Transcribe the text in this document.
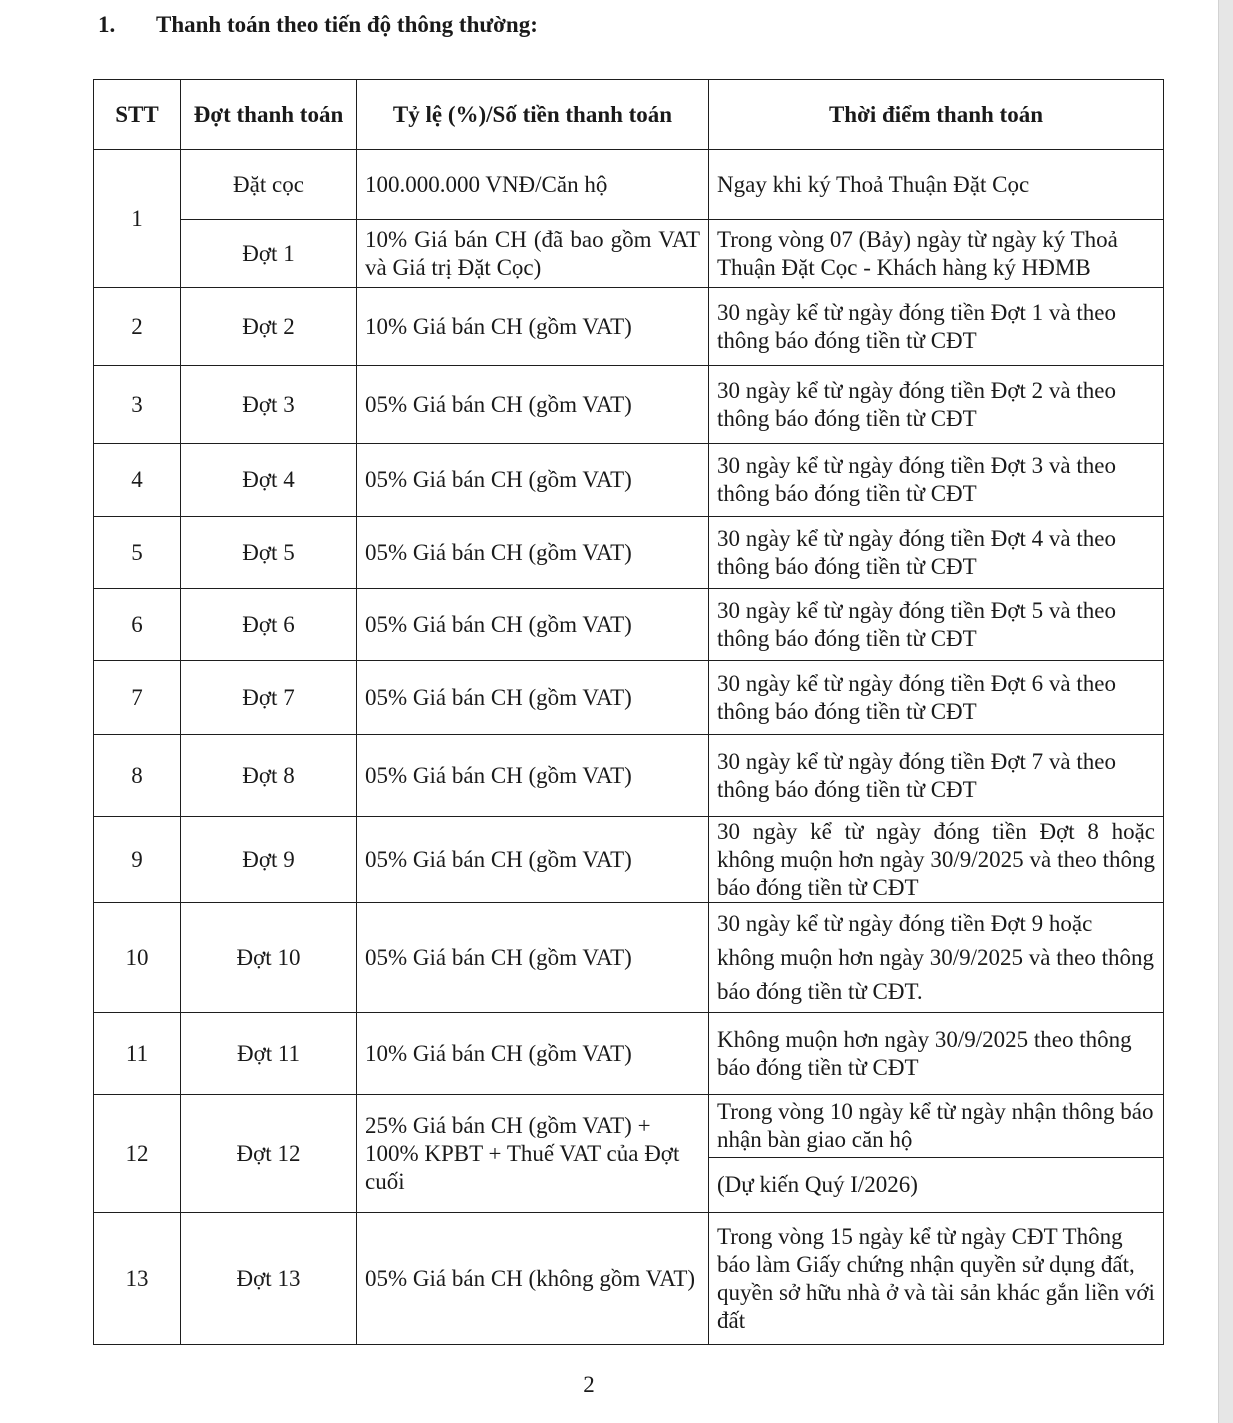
1. Thanh toán theo tiến độ thông thường:
STT	Đợt thanh toán	Tỷ lệ (%)/Số tiền thanh toán	Thời điểm thanh toán
1	Đặt cọc	100.000.000 VNĐ/Căn hộ	Ngay khi ký Thoả Thuận Đặt Cọc
	Đợt 1	10% Giá bán CH (đã bao gồm VAT và Giá trị Đặt Cọc)	Trong vòng 07 (Bảy) ngày từ ngày ký Thoả Thuận Đặt Cọc - Khách hàng ký HĐMB
2	Đợt 2	10% Giá bán CH (gồm VAT)	30 ngày kể từ ngày đóng tiền Đợt 1 và theo thông báo đóng tiền từ CĐT
3	Đợt 3	05% Giá bán CH (gồm VAT)	30 ngày kể từ ngày đóng tiền Đợt 2 và theo thông báo đóng tiền từ CĐT
4	Đợt 4	05% Giá bán CH (gồm VAT)	30 ngày kể từ ngày đóng tiền Đợt 3 và theo thông báo đóng tiền từ CĐT
5	Đợt 5	05% Giá bán CH (gồm VAT)	30 ngày kể từ ngày đóng tiền Đợt 4 và theo thông báo đóng tiền từ CĐT
6	Đợt 6	05% Giá bán CH (gồm VAT)	30 ngày kể từ ngày đóng tiền Đợt 5 và theo thông báo đóng tiền từ CĐT
7	Đợt 7	05% Giá bán CH (gồm VAT)	30 ngày kể từ ngày đóng tiền Đợt 6 và theo thông báo đóng tiền từ CĐT
8	Đợt 8	05% Giá bán CH (gồm VAT)	30 ngày kể từ ngày đóng tiền Đợt 7 và theo thông báo đóng tiền từ CĐT
9	Đợt 9	05% Giá bán CH (gồm VAT)	30 ngày kể từ ngày đóng tiền Đợt 8 hoặc không muộn hơn ngày 30/9/2025 và theo thông báo đóng tiền từ CĐT
10	Đợt 10	05% Giá bán CH (gồm VAT)	30 ngày kể từ ngày đóng tiền Đợt 9 hoặc không muộn hơn ngày 30/9/2025 và theo thông báo đóng tiền từ CĐT.
11	Đợt 11	10% Giá bán CH (gồm VAT)	Không muộn hơn ngày 30/9/2025 theo thông báo đóng tiền từ CĐT
12	Đợt 12	25% Giá bán CH (gồm VAT) + 100% KPBT + Thuế VAT của Đợt cuối	Trong vòng 10 ngày kể từ ngày nhận thông báo nhận bàn giao căn hộ
			(Dự kiến Quý I/2026)
13	Đợt 13	05% Giá bán CH (không gồm VAT)	Trong vòng 15 ngày kể từ ngày CĐT Thông báo làm Giấy chứng nhận quyền sử dụng đất, quyền sở hữu nhà ở và tài sản khác gắn liền với đất
2
